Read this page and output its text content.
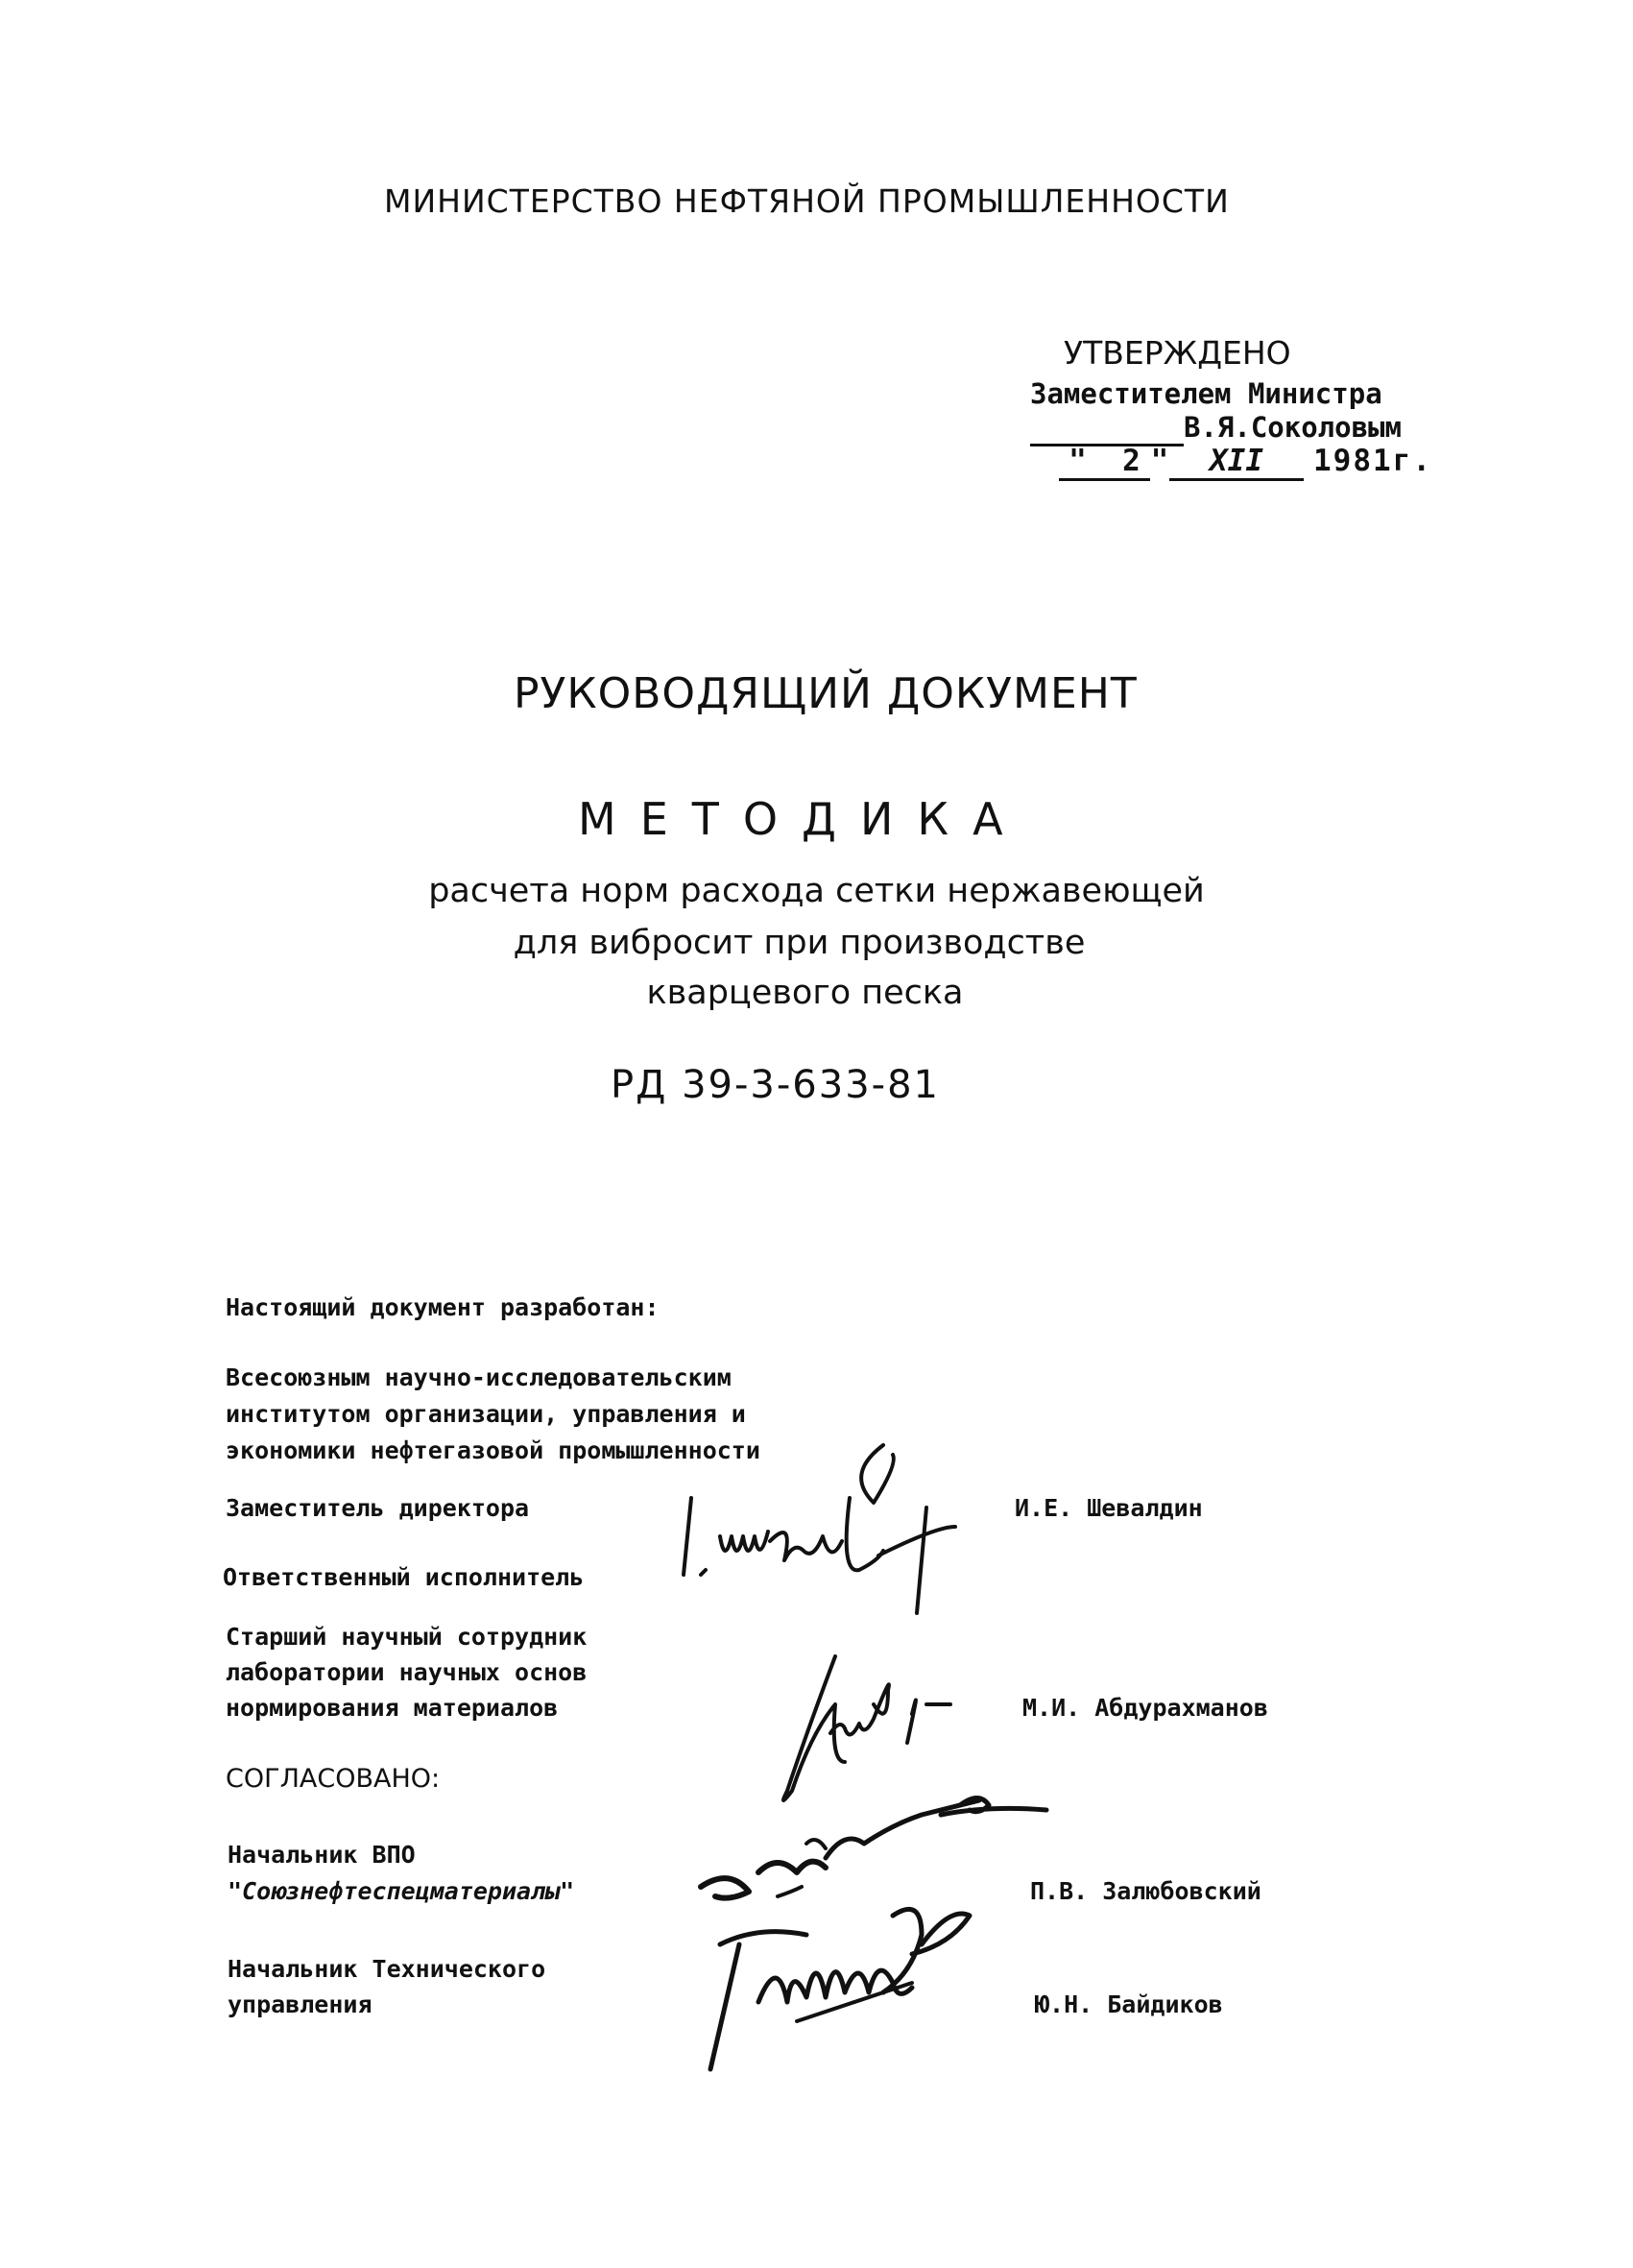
МИНИСТЕРСТВО НЕФТЯНОЙ ПРОМЫШЛЕННОСТИ
УТВЕРЖДЕНО
Заместителем Министра
В.Я.Соколовым
" 2 "	XII	1981г.
РУКОВОДЯЩИЙ ДОКУМЕНТ
МЕТОДИКА
расчета норм расхода сетки нержавеющей
для вибросит при производстве
кварцевого песка
РД 39-3-633-81
Настоящий документ разработан:
Всесоюзным научно-исследовательским
институтом организации, управления и
экономики нефтегазовой промышленности
Заместитель директора	И.Е. Шевалдин
Ответственный исполнитель
Старший научный сотрудник
лаборатории научных основ
нормирования материалов	М.И. Абдурахманов
СОГЛАСОВАНО:
Начальник ВПО
"Союзнефтеспецматериалы"	П.В. Залюбовский
Начальник Технического
управления	Ю.Н. Байдиков
